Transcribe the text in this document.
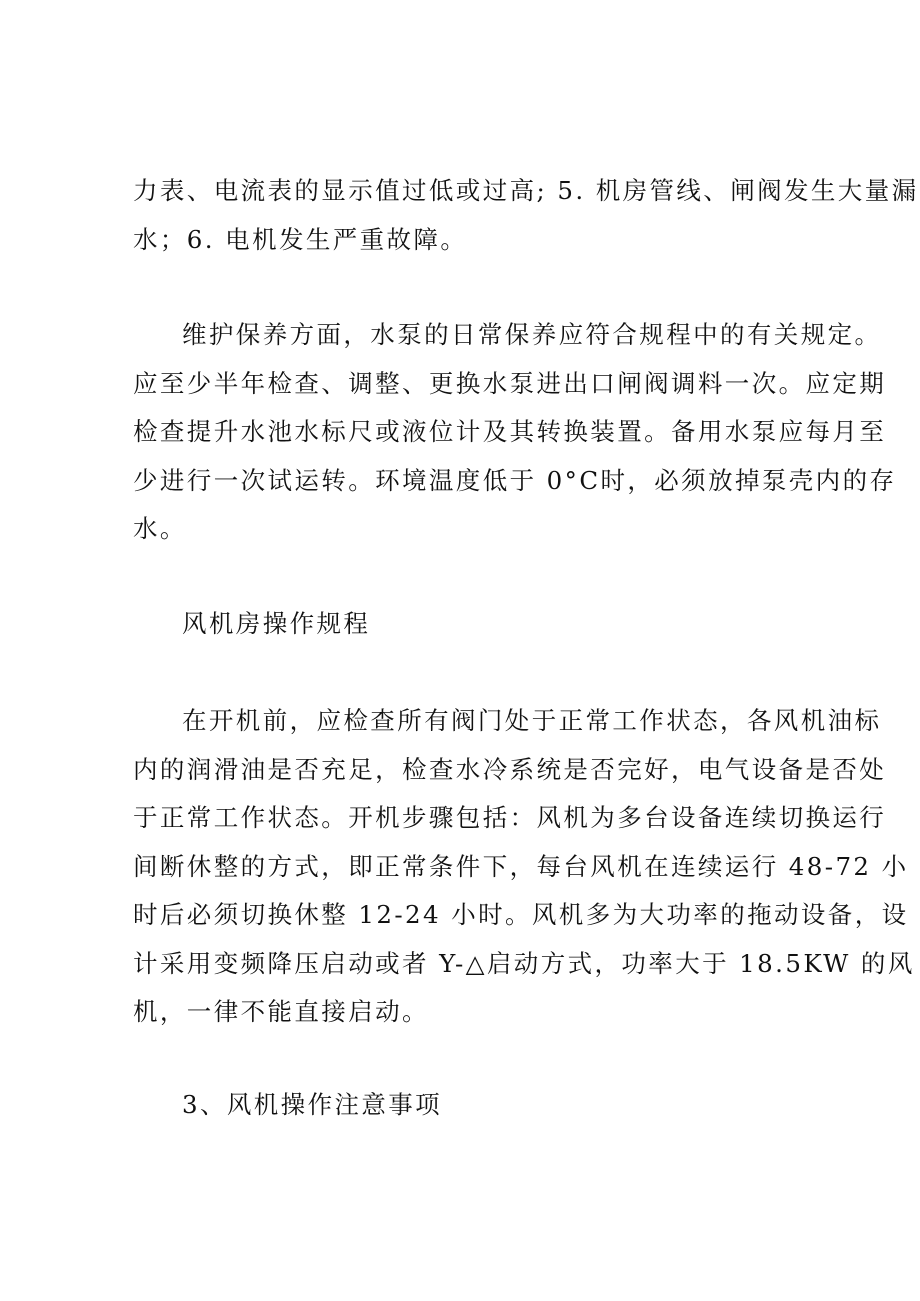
力表、电流表的显示值过低或过高; 5. 机房管线、闸阀发生大量漏
水；6. 电机发生严重故障。

维护保养方面，水泵的日常保养应符合规程中的有关规定。
应至少半年检查、调整、更换水泵进出口闸阀调料一次。应定期
检查提升水池水标尺或液位计及其转换装置。备用水泵应每月至
少进行一次试运转。环境温度低于 0°C时，必须放掉泵壳内的存
水。

风机房操作规程

在开机前，应检查所有阀门处于正常工作状态，各风机油标
内的润滑油是否充足，检查水冷系统是否完好，电气设备是否处
于正常工作状态。开机步骤包括：风机为多台设备连续切换运行
间断休整的方式，即正常条件下，每台风机在连续运行 48-72 小
时后必须切换休整 12-24 小时。风机多为大功率的拖动设备，设
计采用变频降压启动或者 Y-△启动方式，功率大于 18.5KW 的风
机，一律不能直接启动。

3、风机操作注意事项
